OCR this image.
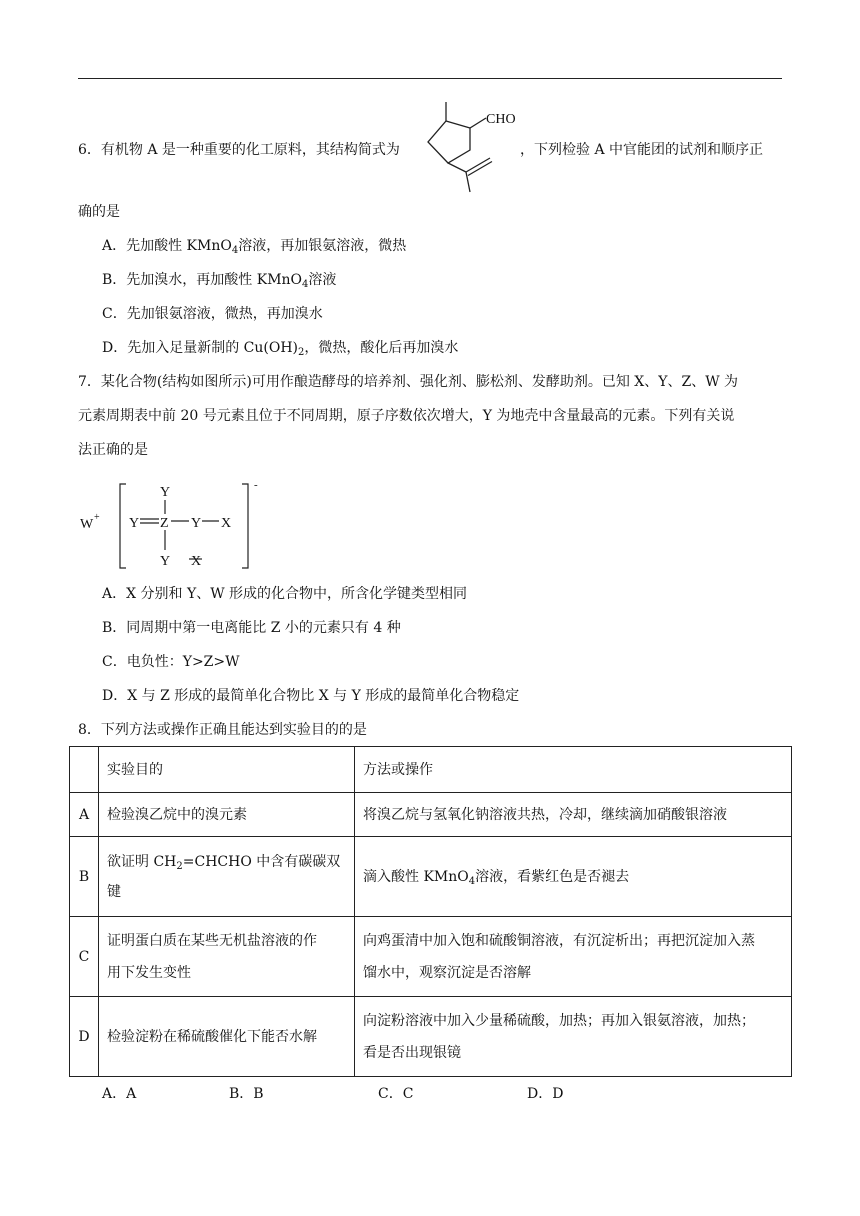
6．有机物 A 是一种重要的化工原料，其结构简式为
CHO
，下列检验 A 中官能团的试剂和顺序正
确的是
A．先加酸性 KMnO$_4$溶液，再加银氨溶液，微热
B．先加溴水，再加酸性 KMnO$_4$溶液
C．先加银氨溶液，微热，再加溴水
D．先加入足量新制的 $Cu(OH)_2$，微热，酸化后再加溴水
7．某化合物(结构如图所示)可用作酿造酵母的培养剂、强化剂、膨松剂、发酵助剂。已知 X、Y、Z、W 为
元素周期表中前 20 号元素且位于不同周期，原子序数依次增大，Y 为地壳中含量最高的元素。下列有关说
法正确的是
W +
Y
Y Z Y X
Y X
-
A．X 分别和 Y、W 形成的化合物中，所含化学键类型相同
B．同周期中第一电离能比 Z 小的元素只有 4 种
C．电负性：Y>Z>W
D．X 与 Z 形成的最简单化合物比 X 与 Y 形成的最简单化合物稳定
8．下列方法或操作正确且能达到实验目的的是
	实验目的	方法或操作
A	检验溴乙烷中的溴元素	将溴乙烷与氢氧化钠溶液共热，冷却，继续滴加硝酸银溶液
B	欲证明 $CH_2=CHCHO$ 中含有碳碳双
键	滴入酸性 KMnO$_4$溶液，看紫红色是否褪去
C	证明蛋白质在某些无机盐溶液的作
用下发生变性	向鸡蛋清中加入饱和硫酸铜溶液，有沉淀析出；再把沉淀加入蒸
馏水中，观察沉淀是否溶解
D	检验淀粉在稀硫酸催化下能否水解	向淀粉溶液中加入少量稀硫酸，加热；再加入银氨溶液，加热；
看是否出现银镜
A．A	B．B	C．C	D．D
